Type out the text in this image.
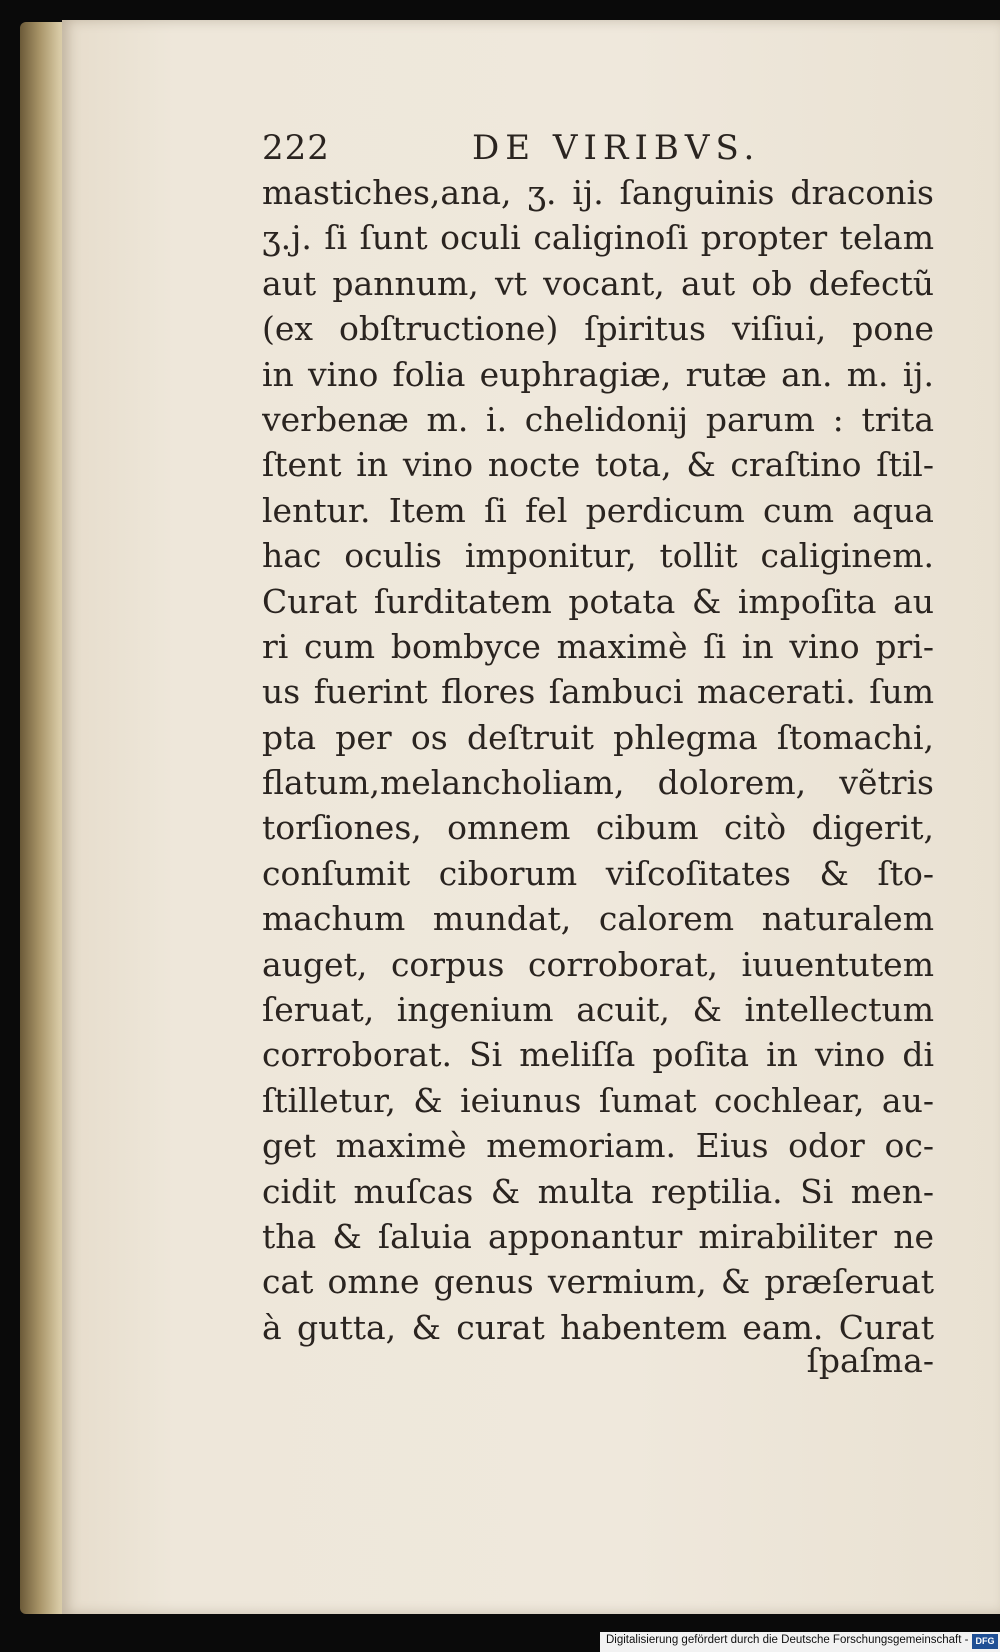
222	DE VIRIBVS.
masticheѕ,ana, ʒ. ij. ſanguinis draconis
ʒ.j. ſi ſunt oculi caliginoſi propter telam
aut pannum, vt vocant, aut ob defectũ
(ex obſtructione) ſpiritus viſiui, pone
in vino folia euphragiæ, rutæ an. m. ij.
verbenæ m. i. chelidonij parum : trita
ſtent in vino nocte tota, & craſtino ſtil-
lentur. Item ſi fel perdicum cum aqua
hac oculis imponitur, tollit caliginem.
Curat ſurditatem potata & impoſita au
ri cum bombyce maximè ſi in vino pri-
us fuerint flores ſambuci macerati. ſum
pta per os deſtruit phlegma ſtomachi,
flatum,melancholiam, dolorem, vẽtris
torſiones, omnem cibum citò digerit,
conſumit ciborum viſcoſitates & ſto-
machum mundat, calorem naturalem
auget, corpus corroborat, iuuentutem
ſeruat, ingenium acuit, & intellectum
corroborat. Si meliſſa poſita in vino di
ſtilletur, & ieiunus ſumat cochlear, au-
get maximè memoriam. Eius odor oc-
cidit muſcas & multa reptilia. Si men-
tha & ſaluia apponantur mirabiliter ne
cat omne genus vermium, & præſeruat
à gutta, & curat habentem eam. Curat
ſpaſma-
Digitalisierung gefördert durch die Deutsche Forschungsgemeinschaft - DFG
